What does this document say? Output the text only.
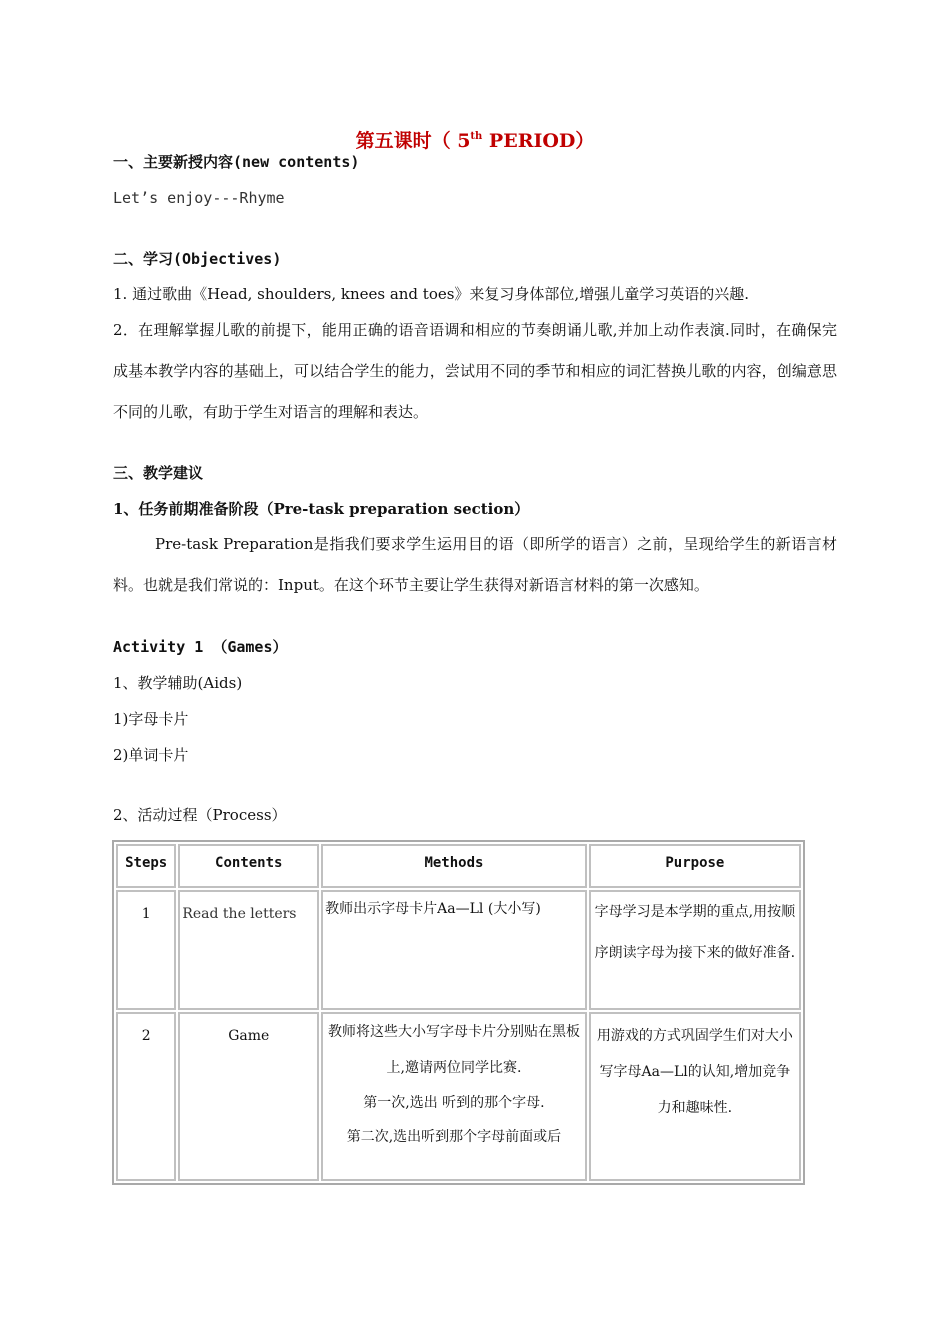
第五课时（ 5th PERIOD）
一、主要新授内容(new contents)
Let’s enjoy---Rhyme
二、学习(Objectives)
1. 通过歌曲《Head, shoulders, knees and toes》来复习身体部位,增强儿童学习英语的兴趣.
2．在理解掌握儿歌的前提下，能用正确的语音语调和相应的节奏朗诵儿歌,并加上动作表演.同时，在确保完成基本教学内容的基础上，可以结合学生的能力，尝试用不同的季节和相应的词汇替换儿歌的内容，创编意思不同的儿歌，有助于学生对语言的理解和表达。
三、教学建议
1、任务前期准备阶段（Pre-task preparation section）
Pre-task Preparation是指我们要求学生运用目的语（即所学的语言）之前，呈现给学生的新语言材料。也就是我们常说的：Input。在这个环节主要让学生获得对新语言材料的第一次感知。
Activity 1 （Games）
1、教学辅助(Aids)
1)字母卡片
2)单词卡片
2、活动过程（Process）
Steps	Contents	Methods	Purpose
1	Read the letters	教师出示字母卡片Aa—Ll (大小写)	字母学习是本学期的重点,用按顺序朗读字母为接下来的做好准备.
2	Game	教师将这些大小写字母卡片分别贴在黑板上,邀请两位同学比赛.
第一次,选出 听到的那个字母.
第二次,选出听到那个字母前面或后	用游戏的方式巩固学生们对大小写字母Aa—Ll的认知,增加竞争力和趣味性.
